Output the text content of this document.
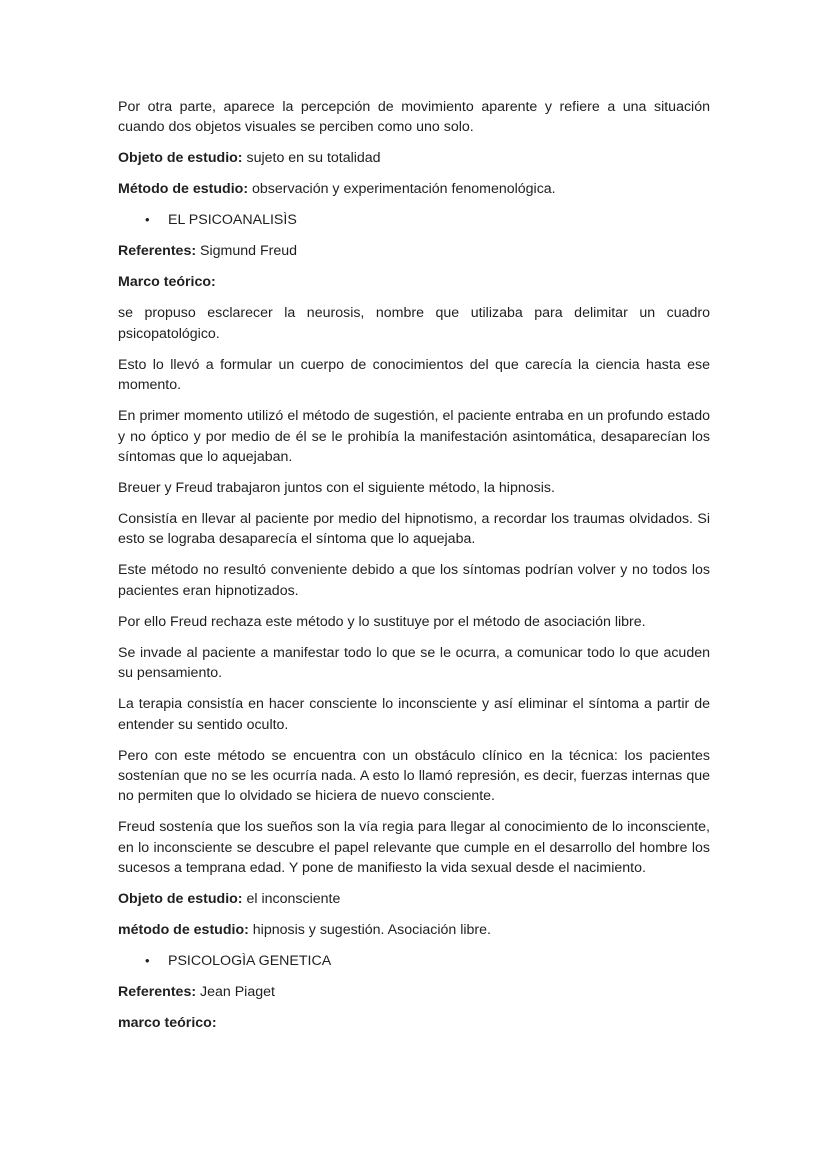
Por otra parte, aparece la percepción de movimiento aparente y refiere a una situación cuando dos objetos visuales se perciben como uno solo.

Objeto de estudio: sujeto en su totalidad

Método de estudio: observación y experimentación fenomenológica.

•	EL PSICOANALISÌS

Referentes: Sigmund Freud

Marco teórico:

se propuso esclarecer la neurosis, nombre que utilizaba para delimitar un cuadro psicopatológico.

Esto lo llevó a formular un cuerpo de conocimientos del que carecía la ciencia hasta ese momento.

En primer momento utilizó el método de sugestión, el paciente entraba en un profundo estado y no óptico y por medio de él se le prohibía la manifestación asintomática, desaparecían los síntomas que lo aquejaban.

Breuer y Freud trabajaron juntos con el siguiente método, la hipnosis.

Consistía en llevar al paciente por medio del hipnotismo, a recordar los traumas olvidados. Si esto se lograba desaparecía el síntoma que lo aquejaba.

Este método no resultó conveniente debido a que los síntomas podrían volver y no todos los pacientes eran hipnotizados.

Por ello Freud rechaza este método y lo sustituye por el método de asociación libre.

Se invade al paciente a manifestar todo lo que se le ocurra, a comunicar todo lo que acuden su pensamiento.

La terapia consistía en hacer consciente lo inconsciente y así eliminar el síntoma a partir de entender su sentido oculto.

Pero con este método se encuentra con un obstáculo clínico en la técnica: los pacientes sostenían que no se les ocurría nada. A esto lo llamó represión, es decir, fuerzas internas que no permiten que lo olvidado se hiciera de nuevo consciente.

Freud sostenía que los sueños son la vía regia para llegar al conocimiento de lo inconsciente, en lo inconsciente se descubre el papel relevante que cumple en el desarrollo del hombre los sucesos a temprana edad. Y pone de manifiesto la vida sexual desde el nacimiento.

Objeto de estudio: el inconsciente

método de estudio: hipnosis y sugestión. Asociación libre.

•	PSICOLOGÌA GENETICA

Referentes: Jean Piaget

marco teórico:
